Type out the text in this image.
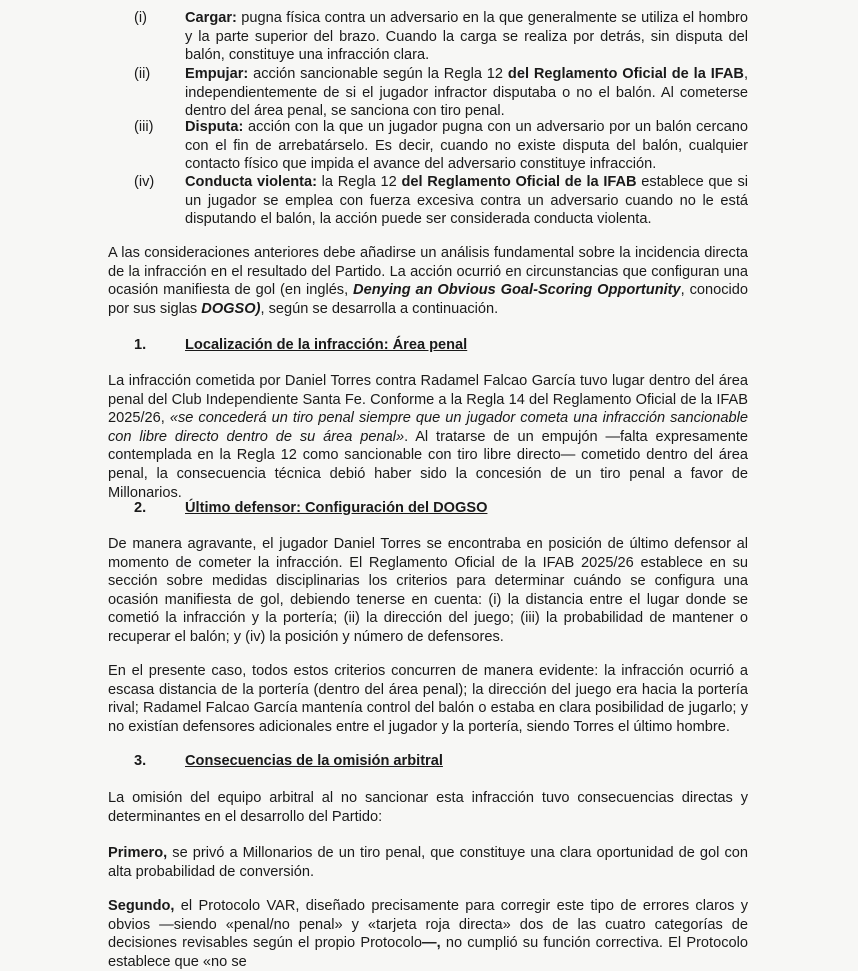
(i)	Cargar: pugna física contra un adversario en la que generalmente se utiliza el hombro y la parte superior del brazo. Cuando la carga se realiza por detrás, sin disputa del balón, constituye una infracción clara.
(ii) Empujar: acción sancionable según la Regla 12 del Reglamento Oficial de la IFAB, independientemente de si el jugador infractor disputaba o no el balón. Al cometerse dentro del área penal, se sanciona con tiro penal.
(iii) Disputa: acción con la que un jugador pugna con un adversario por un balón cercano con el fin de arrebatárselo. Es decir, cuando no existe disputa del balón, cualquier contacto físico que impida el avance del adversario constituye infracción.
(iv) Conducta violenta: la Regla 12 del Reglamento Oficial de la IFAB establece que si un jugador se emplea con fuerza excesiva contra un adversario cuando no le está disputando el balón, la acción puede ser considerada conducta violenta.
A las consideraciones anteriores debe añadirse un análisis fundamental sobre la incidencia directa de la infracción en el resultado del Partido. La acción ocurrió en circunstancias que configuran una ocasión manifiesta de gol (en inglés, Denying an Obvious Goal-Scoring Opportunity, conocido por sus siglas DOGSO), según se desarrolla a continuación.
1.	Localización de la infracción: Área penal
La infracción cometida por Daniel Torres contra Radamel Falcao García tuvo lugar dentro del área penal del Club Independiente Santa Fe. Conforme a la Regla 14 del Reglamento Oficial de la IFAB 2025/26, «se concederá un tiro penal siempre que un jugador cometa una infracción sancionable con libre directo dentro de su área penal». Al tratarse de un empujón —falta expresamente contemplada en la Regla 12 como sancionable con tiro libre directo— cometido dentro del área penal, la consecuencia técnica debió haber sido la concesión de un tiro penal a favor de Millonarios.
2.	Último defensor: Configuración del DOGSO
De manera agravante, el jugador Daniel Torres se encontraba en posición de último defensor al momento de cometer la infracción. El Reglamento Oficial de la IFAB 2025/26 establece en su sección sobre medidas disciplinarias los criterios para determinar cuándo se configura una ocasión manifiesta de gol, debiendo tenerse en cuenta: (i) la distancia entre el lugar donde se cometió la infracción y la portería; (ii) la dirección del juego; (iii) la probabilidad de mantener o recuperar el balón; y (iv) la posición y número de defensores.
En el presente caso, todos estos criterios concurren de manera evidente: la infracción ocurrió a escasa distancia de la portería (dentro del área penal); la dirección del juego era hacia la portería rival; Radamel Falcao García mantenía control del balón o estaba en clara posibilidad de jugarlo; y no existían defensores adicionales entre el jugador y la portería, siendo Torres el último hombre.
3.	Consecuencias de la omisión arbitral
La omisión del equipo arbitral al no sancionar esta infracción tuvo consecuencias directas y determinantes en el desarrollo del Partido:
Primero, se privó a Millonarios de un tiro penal, que constituye una clara oportunidad de gol con alta probabilidad de conversión.
Segundo, el Protocolo VAR, diseñado precisamente para corregir este tipo de errores claros y obvios —siendo «penal/no penal» y «tarjeta roja directa» dos de las cuatro categorías de decisiones revisables según el propio Protocolo—, no cumplió su función correctiva. El Protocolo establece que «no se
